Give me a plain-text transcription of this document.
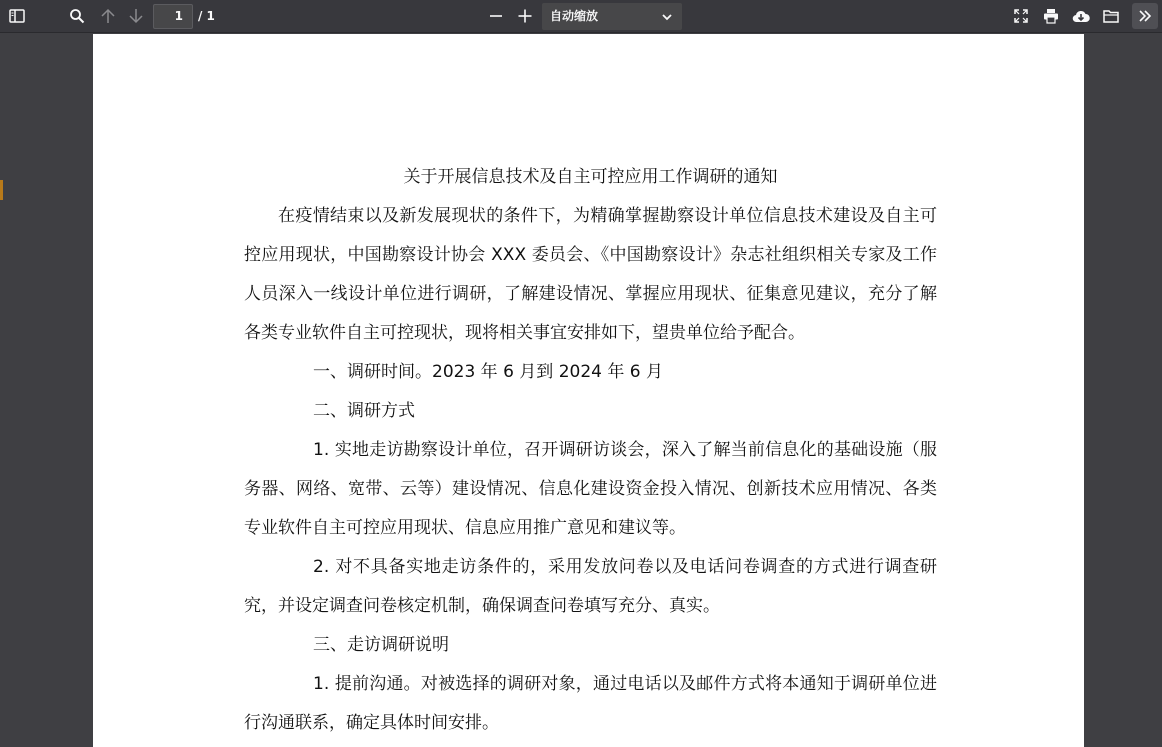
1	/ 1	自动缩放

关于开展信息技术及自主可控应用工作调研的通知

在疫情结束以及新发展现状的条件下，为精确掌握勘察设计单位信息技术建设及自主可控应用现状，中国勘察设计协会 XXX 委员会、《中国勘察设计》杂志社组织相关专家及工作人员深入一线设计单位进行调研，了解建设情况、掌握应用现状、征集意见建议，充分了解各类专业软件自主可控现状，现将相关事宜安排如下，望贵单位给予配合。

一、调研时间。2023 年 6 月到 2024 年 6 月

二、调研方式

1. 实地走访勘察设计单位，召开调研访谈会，深入了解当前信息化的基础设施（服务器、网络、宽带、云等）建设情况、信息化建设资金投入情况、创新技术应用情况、各类专业软件自主可控应用现状、信息应用推广意见和建议等。

2. 对不具备实地走访条件的，采用发放问卷以及电话问卷调查的方式进行调查研究，并设定调查问卷核定机制，确保调查问卷填写充分、真实。

三、走访调研说明

1. 提前沟通。对被选择的调研对象，通过电话以及邮件方式将本通知于调研单位进行沟通联系，确定具体时间安排。
